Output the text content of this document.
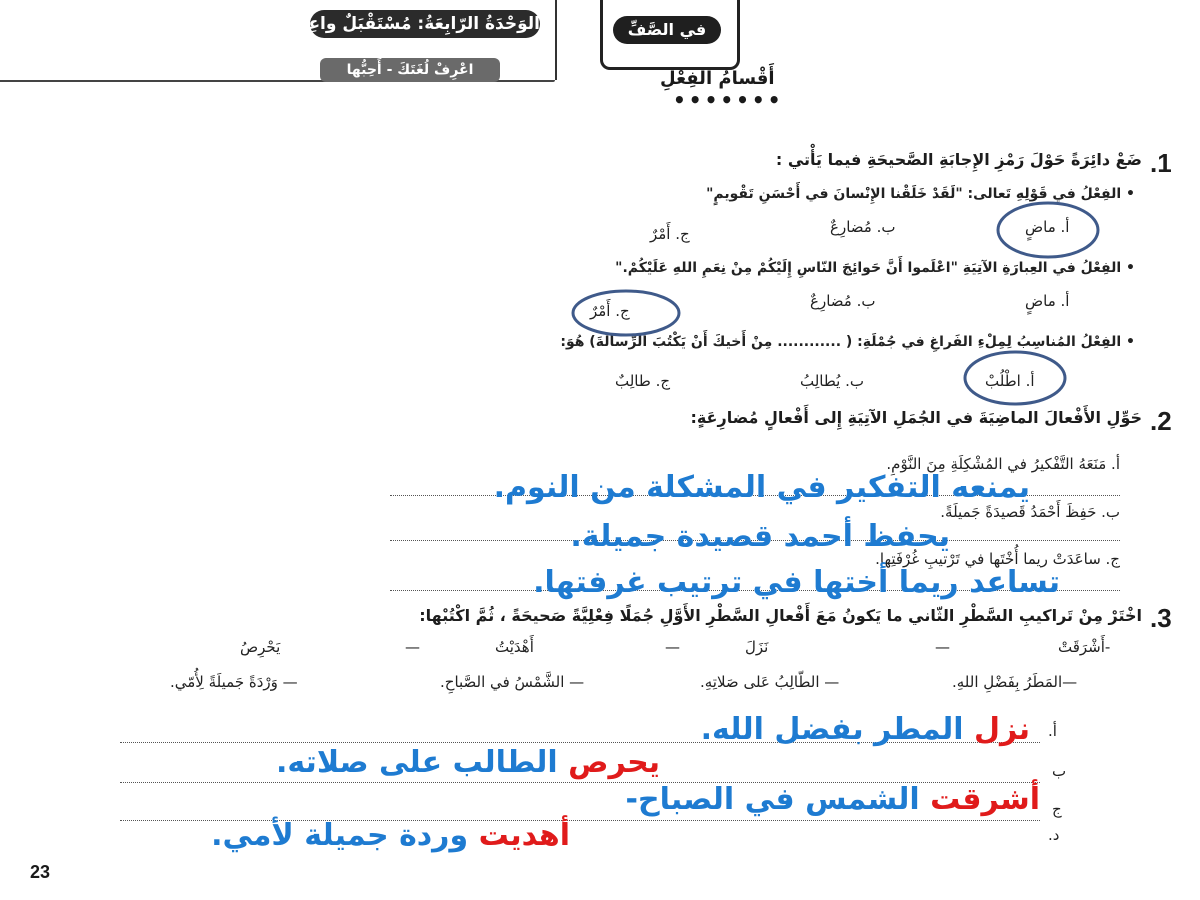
الوَحْدَةُ الرّابِعَةُ: مُسْتَقْبَلٌ واعِدٌ
اعْرِفْ لُغَتَكَ - أَحِبُّها
في الصَّفِّ
أَقْسامُ الفِعْلِ
•••••••
1.
ضَعْ دائِرَةً حَوْلَ رَمْزِ الإِجابَةِ الصَّحيحَةِ فيما يَأْتي :
• الفِعْلُ في قَوْلِهِ تَعالى: "لَقَدْ خَلَقْنا الإِنْسانَ في أَحْسَنِ تَقْويمٍ"
أ. ماضٍ
ب. مُضارِعٌ
ج. أَمْرٌ
• الفِعْلُ في العِبارَةِ الآتِيَةِ "اعْلَموا أَنَّ حَوائِجَ النّاسِ إِلَيْكُمْ مِنْ نِعَمِ اللهِ عَلَيْكُمْ."
أ. ماضٍ
ب. مُضارِعٌ
ج. أَمْرٌ
• الفِعْلُ المُناسِبُ لِمِلْءِ الفَراغِ في جُمْلَةِ: ( ............ مِنْ أَخيكَ أَنْ يَكْتُبَ الرِّسالَةَ) هُوَ:
أ. اطْلُبْ
ب. يُطالِبُ
ج. طالِبٌ
2.
حَوِّلِ الأَفْعالَ الماضِيَةَ في الجُمَلِ الآتِيَةِ إِلى أَفْعالٍ مُضارِعَةٍ:
أ. مَنَعَهُ التَّفْكيرُ في المُشْكِلَةِ مِنَ النَّوْمِ.
ب. حَفِظَ أَحْمَدُ قَصيدَةً جَميلَةً.
ج. ساعَدَتْ ريما أُخْتَها في تَرْتيبِ غُرْفَتِها.
يمنعه التفكير في المشكلة من النوم.
يحفظ أحمد قصيدة جميلة.
تساعد ريما أختها في ترتيب غرفتها.
3.
اخْتَرْ مِنْ تَراكيبِ السَّطْرِ الثّاني ما يَكونُ مَعَ أَفْعالِ السَّطْرِ الأَوَّلِ جُمَلًا فِعْلِيَّةً صَحيحَةً ، ثُمَّ اكْتُبْها:
-أَشْرَقَتْ
—
نَزَلَ
—
أَهْدَيْتُ
—
يَحْرِصُ
—المَطَرُ بِفَضْلِ اللهِ.
— الطّالِبُ عَلى صَلاتِهِ.
— الشَّمْسُ في الصَّباحِ.
— وَرْدَةً جَميلَةً لِأُمّي.
أ.
ب
ج
د.
نزل المطر بفضل الله.
يحرص الطالب على صلاته.
أشرقت الشمس في الصباح-
أهديت وردة جميلة لأمي.
23
